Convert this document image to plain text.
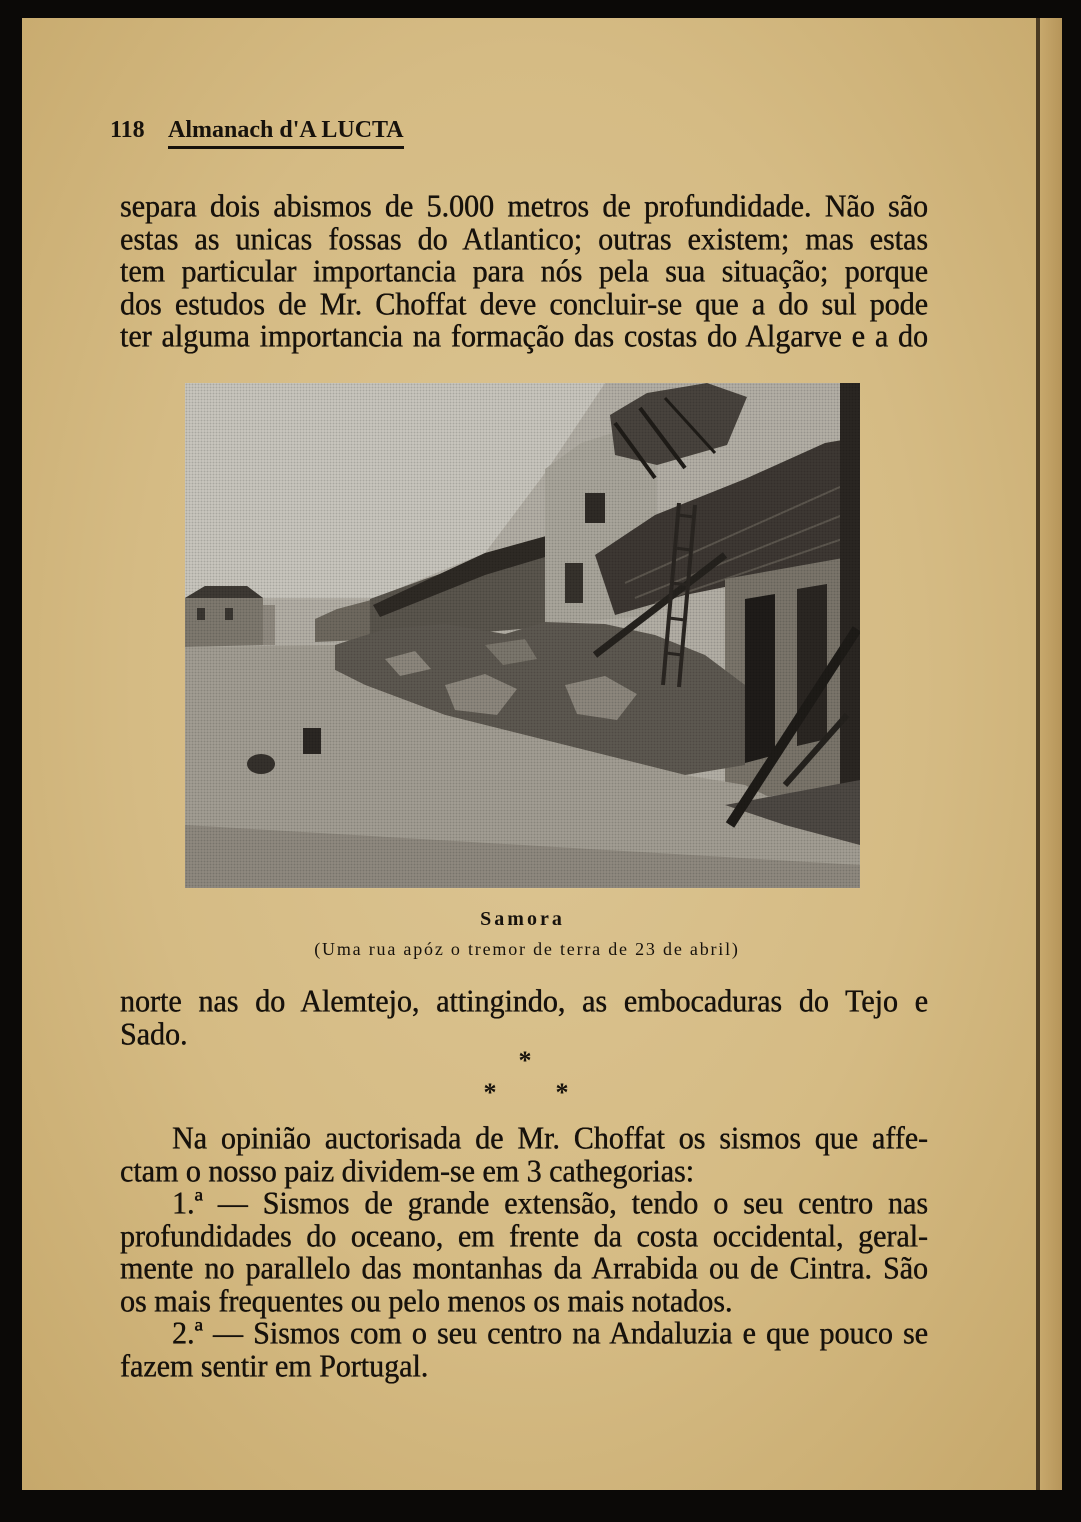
118 Almanach d'A LUCTA
separa dois abismos de 5.000 metros de profundidade. Não são
estas as unicas fossas do Atlantico; outras existem; mas estas
tem particular importancia para nós pela sua situação; porque
dos estudos de Mr. Choffat deve concluir-se que a do sul pode
ter alguma importancia na formação das costas do Algarve e a do
Samora
(Uma rua apóz o tremor de terra de 23 de abril)
norte nas do Alemtejo, attingindo, as embocaduras do Tejo e
Sado.
*
* *
Na opinião auctorisada de Mr. Choffat os sismos que affe-
ctam o nosso paiz dividem-se em 3 cathegorias:
1.ª — Sismos de grande extensão, tendo o seu centro nas
profundidades do oceano, em frente da costa occidental, geral-
mente no parallelo das montanhas da Arrabida ou de Cintra. São
os mais frequentes ou pelo menos os mais notados.
2.ª — Sismos com o seu centro na Andaluzia e que pouco se
fazem sentir em Portugal.
